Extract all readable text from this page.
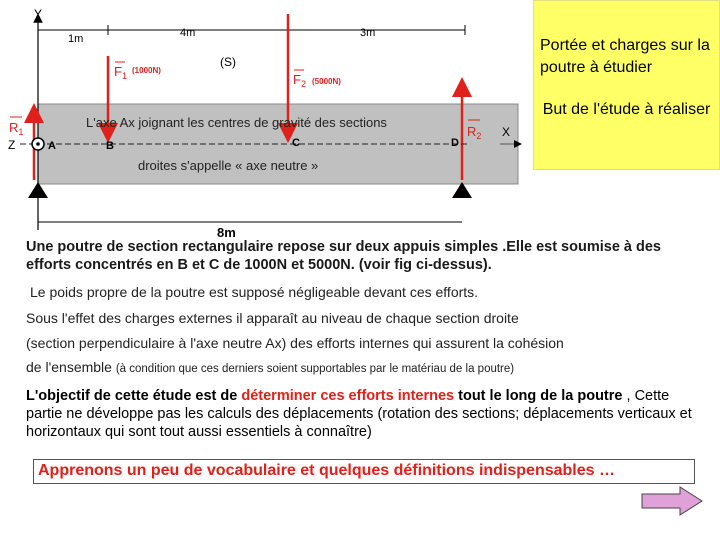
Y
1m	4m	3m
(S)
$F_1$
(1000N)
$F_2$ (5000N)
$R_1$	$R_2$ X
Z	A	B	C	D
L'axe Ax joignant les centres de gravité des sections
droites s'appelle « axe neutre »
8m
Portée et charges sur la poutre à étudier
But de l'étude à réaliser
Une poutre de section rectangulaire repose sur deux appuis simples .Elle est soumise à des efforts concentrés en B et C de 1000N et 5000N. (voir fig ci-dessus).
Le poids propre de la poutre est supposé négligeable devant ces efforts.
Sous l'effet des charges externes il apparaît au niveau de chaque section droite
(section perpendiculaire à l'axe neutre Ax) des efforts internes qui assurent la cohésion
de l'ensemble (à condition que ces derniers soient supportables par le matériau de la poutre)
L'objectif de cette étude est de déterminer ces efforts internes tout le long de la poutre , Cette partie ne développe pas les calculs des déplacements (rotation des sections; déplacements verticaux et horizontaux qui sont tout aussi essentiels à connaître)
Apprenons un peu de vocabulaire et quelques définitions indispensables …
